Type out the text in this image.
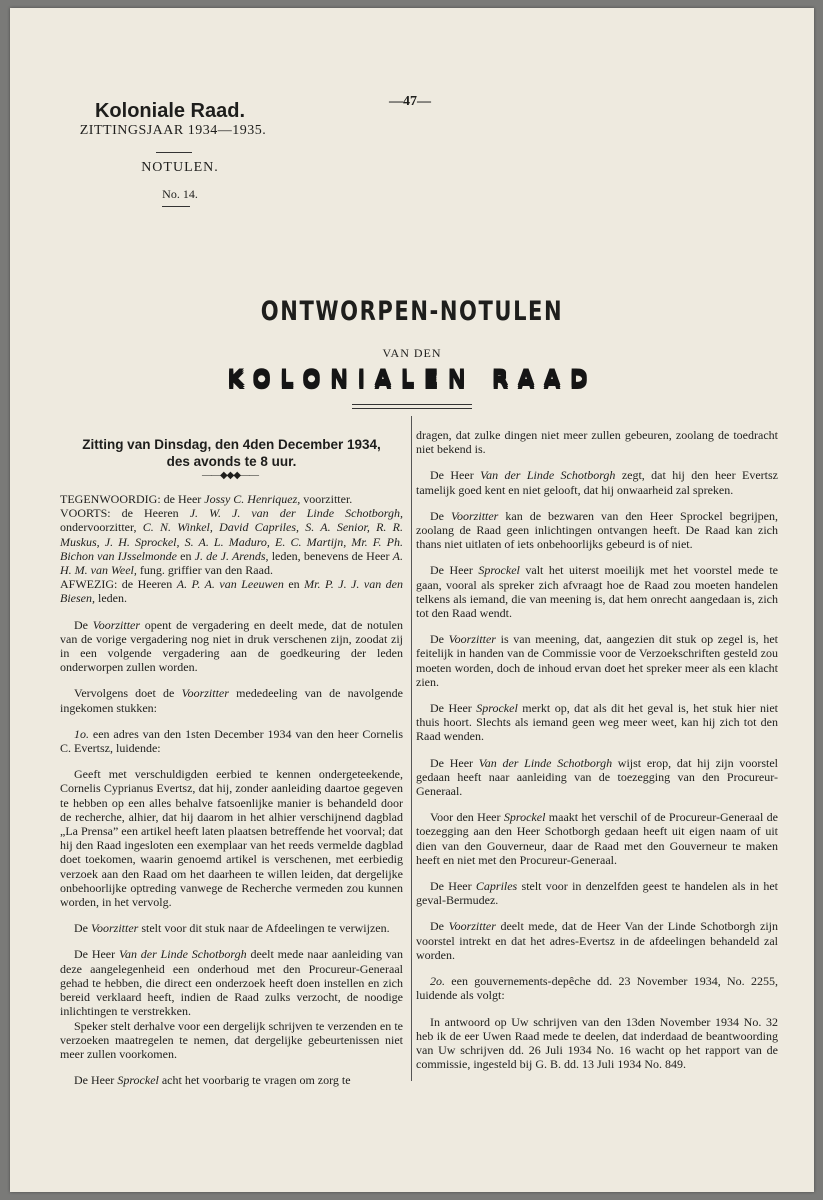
Koloniale Raad.
ZITTINGSJAAR 1934—1935.
NOTULEN.
No. 14.
—47—
ONTWORPEN-NOTULEN
VAN DEN
KOLONIALEN RAAD
Zitting van Dinsdag, den 4den December 1934,
des avonds te 8 uur.
——◆◆◆——

TEGENWOORDIG: de Heer Jossy C. Henriquez, voorzitter.

VOORTS: de Heeren J. W. J. van der Linde Schotborgh, ondervoorzitter, C. N. Winkel, David Capriles, S. A. Senior, R. R. Muskus, J. H. Sprockel, S. A. L. Maduro, E. C. Martijn, Mr. F. Ph. Bichon van IJsselmonde en J. de J. Arends, leden, benevens de Heer A. H. M. van Weel, fung. griffier van den Raad.

AFWEZIG: de Heeren A. P. A. van Leeuwen en Mr. P. J. J. van den Biesen, leden.

De Voorzitter opent de vergadering en deelt mede, dat de notulen van de vorige vergadering nog niet in druk verschenen zijn, zoodat zij in een volgende vergadering aan de goedkeuring der leden onderworpen zullen worden.

Vervolgens doet de Voorzitter mededeeling van de navolgende ingekomen stukken:

1o. een adres van den 1sten December 1934 van den heer Cornelis C. Evertsz, luidende:

Geeft met verschuldigden eerbied te kennen ondergeteekende, Cornelis Cyprianus Evertsz, dat hij, zonder aanleiding daartoe gegeven te hebben op een alles behalve fatsoenlijke manier is behandeld door de recherche, alhier, dat hij daarom in het alhier verschijnend dagblad „La Prensa” een artikel heeft laten plaatsen betreffende het voorval; dat hij den Raad ingesloten een exemplaar van het reeds vermelde dagblad doet toekomen, waarin genoemd artikel is verschenen, met eerbiedig verzoek aan den Raad om het daarheen te willen leiden, dat dergelijke onbehoorlijke optreding vanwege de Recherche vermeden zou kunnen worden, in het vervolg.

De Voorzitter stelt voor dit stuk naar de Afdeelingen te verwijzen.

De Heer Van der Linde Schotborgh deelt mede naar aanleiding van deze aangelegenheid een onderhoud met den Procureur-Generaal gehad te hebben, die direct een onderzoek heeft doen instellen en zich bereid verklaard heeft, indien de Raad zulks verzocht, de noodige inlichtingen te verstrekken.

Speker stelt derhalve voor een dergelijk schrijven te verzenden en te verzoeken maatregelen te nemen, dat dergelijke gebeurtenissen niet meer zullen voorkomen.

De Heer Sprockel acht het voorbarig te vragen om zorg te

dragen, dat zulke dingen niet meer zullen gebeuren, zoolang de toedracht niet bekend is.

De Heer Van der Linde Schotborgh zegt, dat hij den heer Evertsz tamelijk goed kent en niet gelooft, dat hij onwaarheid zal spreken.

De Voorzitter kan de bezwaren van den Heer Sprockel begrijpen, zoolang de Raad geen inlichtingen ontvangen heeft. De Raad kan zich thans niet uitlaten of iets onbehoorlijks gebeurd is of niet.

De Heer Sprockel valt het uiterst moeilijk met het voorstel mede te gaan, vooral als spreker zich afvraagt hoe de Raad zou moeten handelen telkens als iemand, die van meening is, dat hem onrecht aangedaan is, zich tot den Raad wendt.

De Voorzitter is van meening, dat, aangezien dit stuk op zegel is, het feitelijk in handen van de Commissie voor de Verzoekschriften gesteld zou moeten worden, doch de inhoud ervan doet het spreker meer als een klacht zien.

De Heer Sprockel merkt op, dat als dit het geval is, het stuk hier niet thuis hoort. Slechts als iemand geen weg meer weet, kan hij zich tot den Raad wenden.

De Heer Van der Linde Schotborgh wijst erop, dat hij zijn voorstel gedaan heeft naar aanleiding van de toezegging van den Procureur-Generaal.

Voor den Heer Sprockel maakt het verschil of de Procureur-Generaal de toezegging aan den Heer Schotborgh gedaan heeft uit eigen naam of uit dien van den Gouverneur, daar de Raad met den Gouverneur te maken heeft en niet met den Procureur-Generaal.

De Heer Capriles stelt voor in denzelfden geest te handelen als in het geval-Bermudez.

De Voorzitter deelt mede, dat de Heer Van der Linde Schotborgh zijn voorstel intrekt en dat het adres-Evertsz in de afdeelingen behandeld zal worden.

2o. een gouvernements-depêche dd. 23 November 1934, No. 2255, luidende als volgt:

In antwoord op Uw schrijven van den 13den November 1934 No. 32 heb ik de eer Uwen Raad mede te deelen, dat inderdaad de beantwoording van Uw schrijven dd. 26 Juli 1934 No. 16 wacht op het rapport van de commissie, ingesteld bij G. B. dd. 13 Juli 1934 No. 849.
